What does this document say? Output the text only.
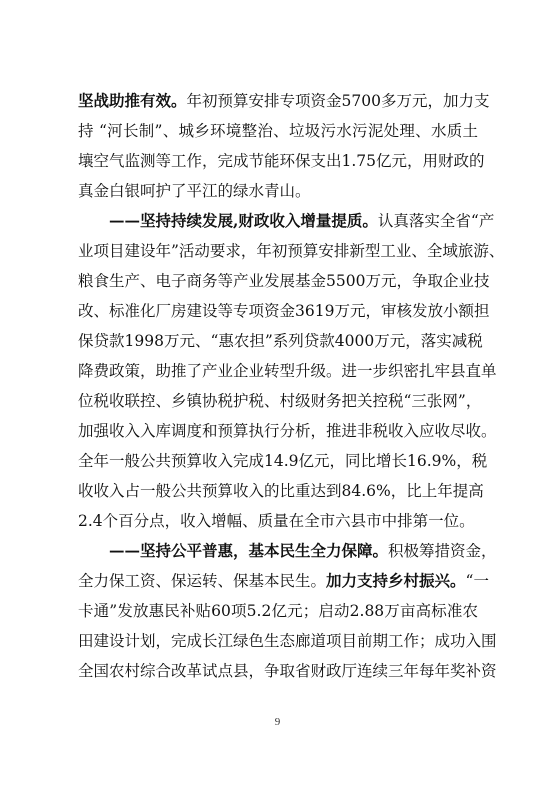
坚战助推有效。年初预算安排专项资金5700多万元，加力支
持 “河长制”、城乡环境整治、垃圾污水污泥处理、水质土
壤空气监测等工作，完成节能环保支出1.75亿元，用财政的
真金白银呵护了平江的绿水青山。
——坚持持续发展,财政收入增量提质。认真落实全省“产
业项目建设年”活动要求，年初预算安排新型工业、全域旅游、
粮食生产、电子商务等产业发展基金5500万元，争取企业技
改、标准化厂房建设等专项资金3619万元，审核发放小额担
保贷款1998万元、“惠农担”系列贷款4000万元，落实减税
降费政策，助推了产业企业转型升级。进一步织密扎牢县直单
位税收联控、乡镇协税护税、村级财务把关控税“三张网”，
加强收入入库调度和预算执行分析，推进非税收入应收尽收。
全年一般公共预算收入完成14.9亿元，同比增长16.9%，税
收收入占一般公共预算收入的比重达到84.6%，比上年提高
2.4个百分点，收入增幅、质量在全市六县市中排第一位。
——坚持公平普惠，基本民生全力保障。积极筹措资金，
全力保工资、保运转、保基本民生。加力支持乡村振兴。“一
卡通”发放惠民补贴60项5.2亿元；启动2.88万亩高标准农
田建设计划，完成长江绿色生态廊道项目前期工作；成功入围
全国农村综合改革试点县，争取省财政厅连续三年每年奖补资
9
